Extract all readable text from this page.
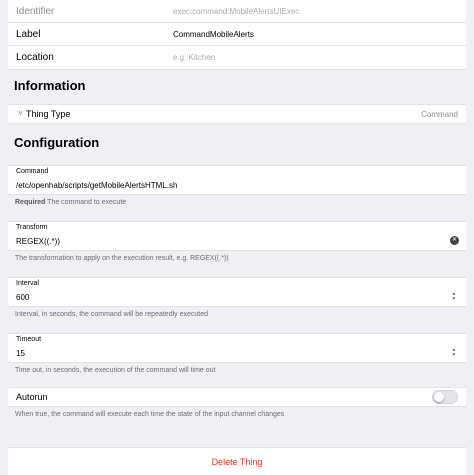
Identifier	exec:command:MobileAlertsUIExec
Label	CommandMobileAlerts
Location	e.g. Kitchen
Information
∨ Thing Type	Command
Configuration
Command
/etc/openhab/scripts/getMobileAlertsHTML.sh
Required The command to execute
Transform
REGEX((.*))	✕
The transformation to apply on the execution result, e.g. REGEX((.*))
Interval
600	▲
▼
Interval, in seconds, the command will be repeatedly executed
Timeout
15	▲
▼
Time out, in seconds, the execution of the command will time out
Autorun
When true, the command will execute each time the state of the input channel changes
Delete Thing
